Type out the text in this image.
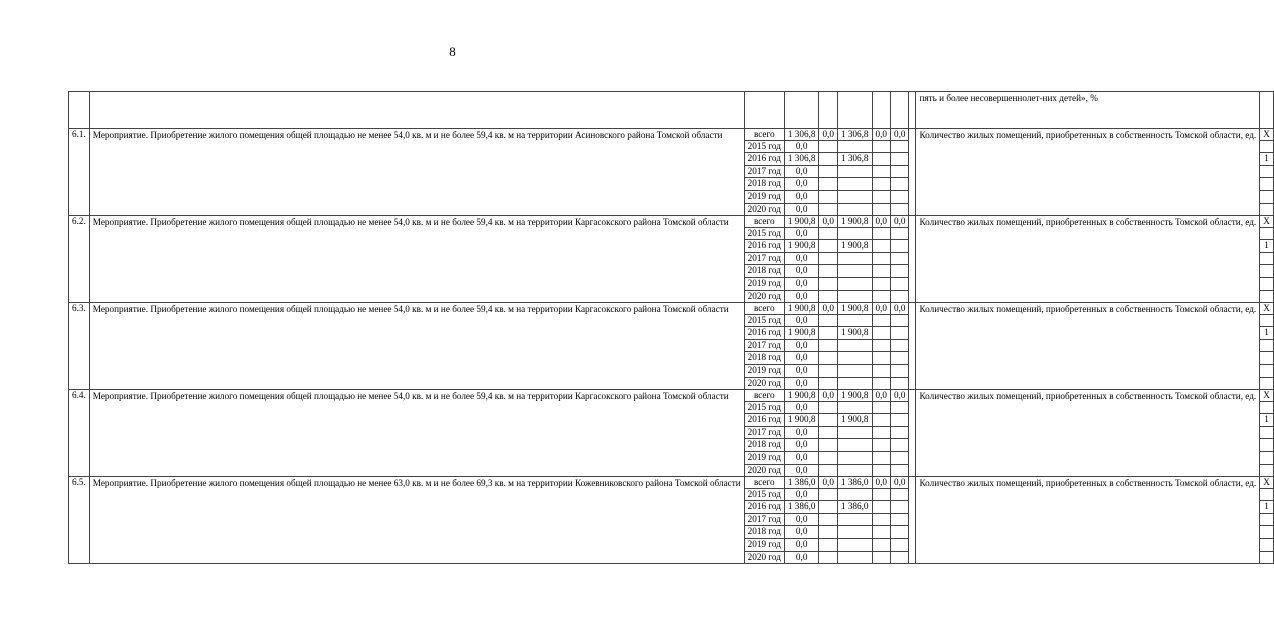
8
									пять и более несовершеннолет-них детей», %	
6.1.	Мероприятие. Приобретение жилого помещения общей площадью не менее 54,0 кв. м и не более 59,4 кв. м на территории Асиновского района Томской области	всего	1 306,8	0,0	1 306,8	0,0	0,0		Количество жилых помещений, приобретенных в собственность Томской области, ед.	X
		2015 год	0,0							
		2016 год	1 306,8		1 306,8					1
		2017 год	0,0							
		2018 год	0,0							
		2019 год	0,0							
		2020 год	0,0							
6.2.	Мероприятие. Приобретение жилого помещения общей площадью не менее 54,0 кв. м и не более 59,4 кв. м на территории Каргасокского района Томской области	всего	1 900,8	0,0	1 900,8	0,0	0,0		Количество жилых помещений, приобретенных в собственность Томской области, ед.	X
		2015 год	0,0							
		2016 год	1 900,8		1 900,8					1
		2017 год	0,0							
		2018 год	0,0							
		2019 год	0,0							
		2020 год	0,0							
6.3.	Мероприятие. Приобретение жилого помещения общей площадью не менее 54,0 кв. м и не более 59,4 кв. м на территории Каргасокского района Томской области	всего	1 900,8	0,0	1 900,8	0,0	0,0		Количество жилых помещений, приобретенных в собственность Томской области, ед.	X
		2015 год	0,0							
		2016 год	1 900,8		1 900,8					1
		2017 год	0,0							
		2018 год	0,0							
		2019 год	0,0							
		2020 год	0,0							
6.4.	Мероприятие. Приобретение жилого помещения общей площадью не менее 54,0 кв. м и не более 59,4 кв. м на территории Каргасокского района Томской области	всего	1 900,8	0,0	1 900,8	0,0	0,0		Количество жилых помещений, приобретенных в собственность Томской области, ед.	X
		2015 год	0,0							
		2016 год	1 900,8		1 900,8					1
		2017 год	0,0							
		2018 год	0,0							
		2019 год	0,0							
		2020 год	0,0							
6.5.	Мероприятие. Приобретение жилого помещения общей площадью не менее 63,0 кв. м и не более 69,3 кв. м на территории Кожевниковского района Томской области	всего	1 386,0	0,0	1 386,0	0,0	0,0		Количество жилых помещений, приобретенных в собственность Томской области, ед.	X
		2015 год	0,0							
		2016 год	1 386,0		1 386,0					1
		2017 год	0,0							
		2018 год	0,0							
		2019 год	0,0							
		2020 год	0,0							
